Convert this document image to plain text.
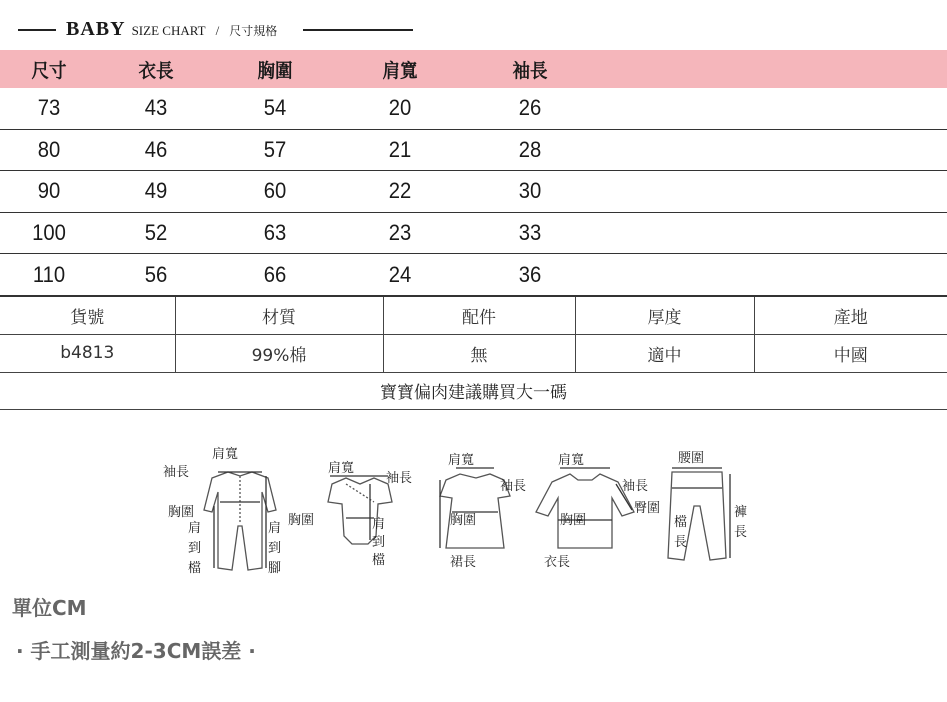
BABY SIZE CHART / 尺寸規格
尺寸	衣長	胸圍	肩寬	袖長
73	43	54	20	26
80	46	57	21	28
90	49	60	22	30
100	52	63	23	33
110	56	66	24	36
貨號	材質	配件	厚度	產地
b4813	99%棉	無	適中	中國
寶寶偏肉建議購買大一碼
肩寬
袖長
胸圍
肩
到
檔
肩
到
腳
肩寬
袖長
胸圍	肩
到
檔
肩寬
袖長
胸圍
裙長
肩寬
袖長
胸圍
衣長
腰圍
臀圍
檔
長
褲
長
單位CM
· 手工測量約2-3CM誤差 ·
